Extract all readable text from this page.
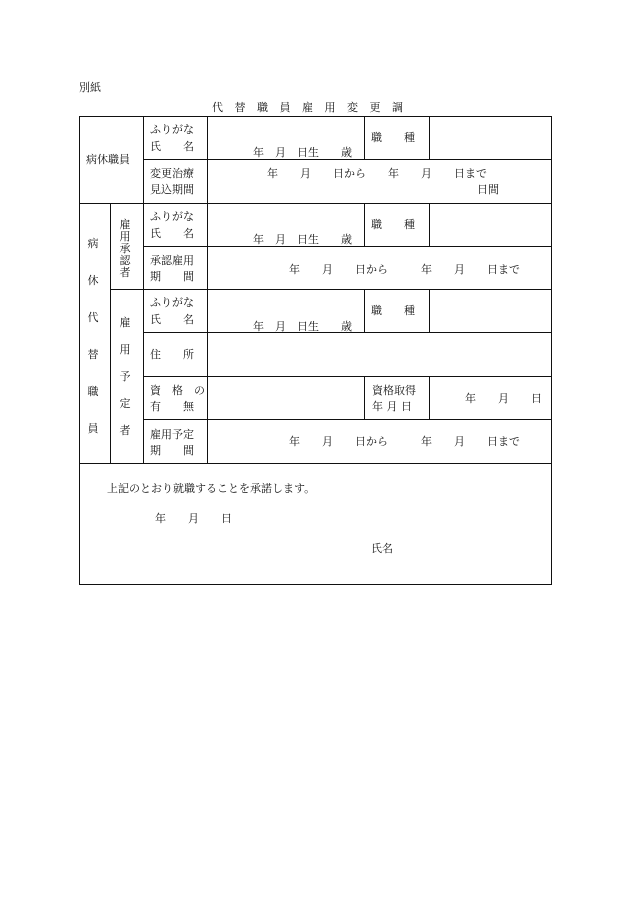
別紙
代替職員雇用変更調
病休職員
ふりがな
氏　　名	年　月　日生　　歳
職　　種
変更治療
見込期間
年　　月　　日から　　年　　月　　日まで
日間
病
休
代
替
職
員
雇
用
承
認
者
ふりがな
氏　　名	年　月　日生　　歳
職　　種
承認雇用
期　　間
年　　月　　日から　　　年　　月　　日まで
雇
用
予
定
者
ふりがな
氏　　名
年　月　日生　　歳
職　　種
住　　所
資　格　の
有　　無
資格取得
年 月 日
年　　月　　日
雇用予定
期　　間
年　　月　　日から　　　年　　月　　日まで
上記のとおり就職することを承諾します。
年　　月　　日
氏名
